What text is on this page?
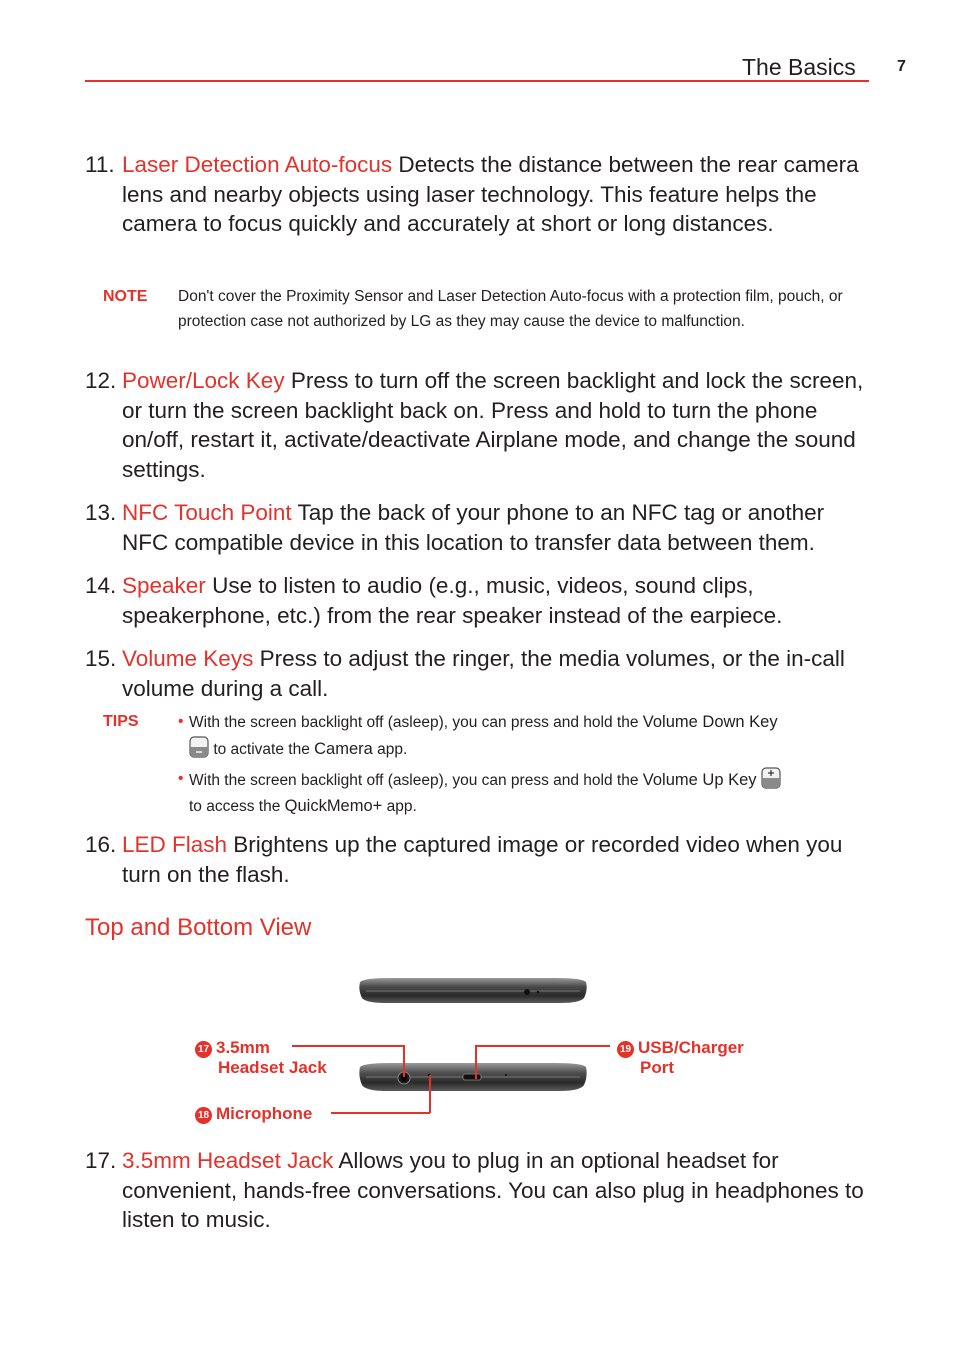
The Basics	7
11. Laser Detection Auto-focus Detects the distance between the rear camera lens and nearby objects using laser technology. This feature helps the camera to focus quickly and accurately at short or long distances.
NOTE Don't cover the Proximity Sensor and Laser Detection Auto-focus with a protection film, pouch, or protection case not authorized by LG as they may cause the device to malfunction.
12. Power/Lock Key Press to turn off the screen backlight and lock the screen, or turn the screen backlight back on. Press and hold to turn the phone on/off, restart it, activate/deactivate Airplane mode, and change the sound settings.
13. NFC Touch Point Tap the back of your phone to an NFC tag or another NFC compatible device in this location to transfer data between them.
14. Speaker Use to listen to audio (e.g., music, videos, sound clips, speakerphone, etc.) from the rear speaker instead of the earpiece.
15. Volume Keys Press to adjust the ringer, the media volumes, or the in-call volume during a call.
TIPS	• With the screen backlight off (asleep), you can press and hold the Volume Down Key
to activate the Camera app.
• With the screen backlight off (asleep), you can press and hold the Volume Up Key
to access the QuickMemo+ app.
16. LED Flash Brightens up the captured image or recorded video when you turn on the flash.
Top and Bottom View
17 3.5mm
Headset Jack
18 Microphone
19 USB/Charger
Port
17. 3.5mm Headset Jack Allows you to plug in an optional headset for convenient, hands-free conversations. You can also plug in headphones to listen to music.
